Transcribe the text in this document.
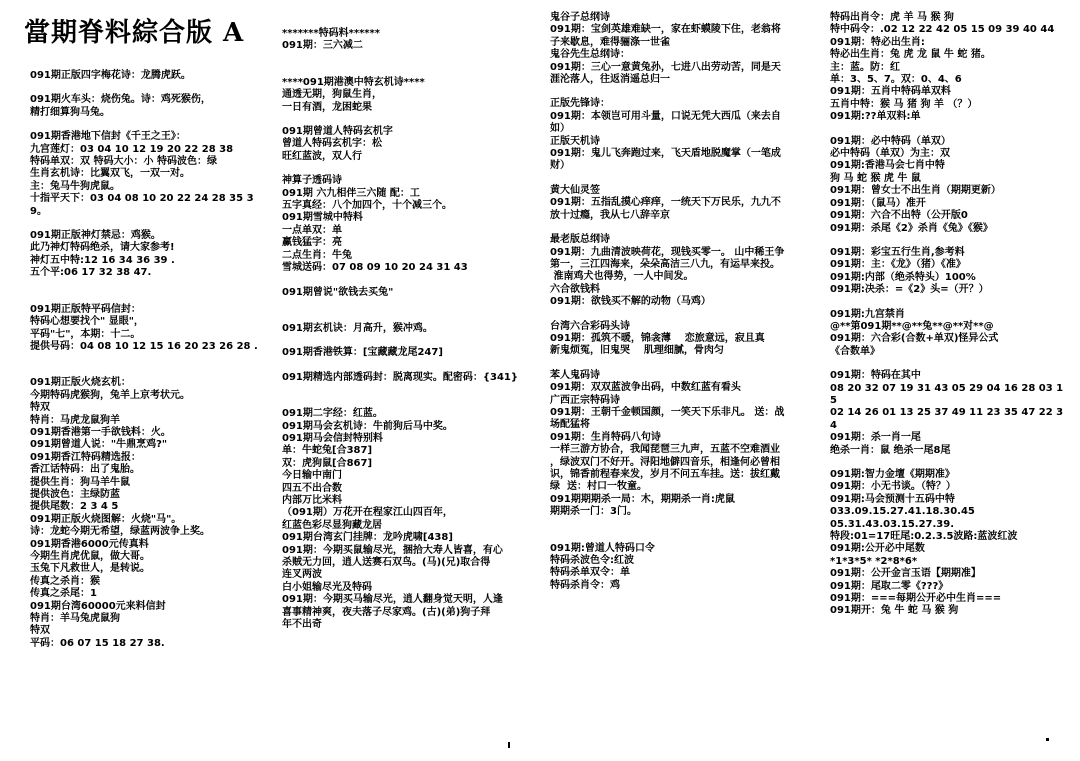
當期脊料綜合版 A
091期正版四字梅花诗：龙腾虎跃。
091期火车头：烧伤兔。诗：鸡死猴伤，
精打细算狗马兔。
091期香港地下信封《千王之王》：
九宫莲灯：03 04 10 12 19 20 22 28 38
特码单双：双 特码大小：小 特码波色：绿
生肖玄机诗：比翼双飞，一双一对。
主：兔马牛狗虎鼠。
十指平天下：03 04 08 10 20 22 24 28 35 39。
091期正版神灯禁忌：鸡猴。
此乃神灯特码绝杀，请大家参考!
神灯五中特:12 16 34 36 39 .
五个平:06 17 32 38 47.
091期正版特平码信封：
特码心想要找个" 显眼"，
平码"七"，本期：十二。
提供号码：04 08 10 12 15 16 20 23 26 28 .
091期正版火烧玄机：
今期特码虎猴狗，兔羊上京考状元。
特双
特肖：马虎龙鼠狗羊
091期香港第一手欲钱料：火。
091期曾道人说："牛鼎烹鸡?"
091期香江特码精选报：
香江话特码：出了鬼胎。
提供生肖：狗马羊牛鼠
提供波色：主绿防蓝
提供尾数：2 3 4 5
091期正版火烧图解：火烧"马"。
诗：龙蛇今期无希望，绿蓝两波争上奖。
091期香港6000元传真料
今期生肖虎优鼠，做大哥。
玉兔下凡救世人，是转说。
传真之杀肖：猴
传真之杀尾：1
091期台湾60000元来料信封
特肖：羊马兔虎鼠狗
特双
平码：06 07 15 18 27 38.
*******特码料******
091期：三六减二
****091期港澳中特玄机诗****
通透无期，狗鼠生肖，
一日有酒，龙困蛇果
091期曾道人特码玄机字
曾道人特码玄机字：松
旺红蓝波，双人行
神算子透码诗
091期 六九相伴三六随 配：工
五字真经：八个加四个，十个减三个。
091期雪城中特料
一点单双：单
赢钱猛字：亮
二点生肖：牛兔
雪城送码：07 08 09 10 20 24 31 43
091期曾说"欲钱去买兔"
091期玄机诀：月高升，猴冲鸡。
091期香港铁算：[宝藏藏龙尾247]
091期精选内部透码封：脱离现实。配密码：{341}
091期二字经：红蓝。
091期马会玄机诗：牛前狗后马中奖。
091期马会信封特别料
单：牛蛇兔[合387]
双：虎狗鼠[合867]
今日输中南门
四五不出合数
内部万比米料
（091期）万花开在程家江山四百年，
红蓝色彩尽显狗藏龙居
091期台湾玄门挂牌：龙吟虎啸[438]
091期：今期买鼠输尽光，捆拾大寿人皆喜，有心
杀贼无力回，逍人送赛石双鸟。(马)(兄)取合得
连叉两波
白小姐输尽光及特码
091期：今期买马输尽光，逍人翻身觉天明，人逢
喜事精神爽，夜夫落子尽家鸡。(古)(弟)狗子拜
年不出奇
鬼谷子总纲诗
091期：宝剑英雄难缺一，家在虾蟆陵下住，老翁将
子来歇息，难得骊涤一世雀
鬼谷先生总纲诗：
091期：三心一意黄兔孙，七进八出劳动苦，同是天
涯沦落人，往返消遥总归一
正版先锋诗：
091期：本领岂可用斗量，口说无凭大西瓜（来去自
如）
正版天机诗
091期：鬼儿飞奔跑过来，飞天盾地脱魔掌（一笔成
财）
黄大仙灵签
091期：五指乱摸心痒痒，一统天下万民乐，九九不
放十过瘾，我从七八辞辛京
最老版总纲诗
091期：九曲清波映荷花，现钱买零一。 山中稀王争
第一，三江四海来，朵朵高洁三八九，有运早来投。
淮南鸡犬也得势，一人中间发。
六合欲钱料
091期：欲钱买不解的动物（马鸡）
台湾六合彩码头诗
091期：孤筑不暖，锦衾薄    恋旅意远，寂且真
新鬼烦冤，旧鬼哭    肌理细腻，骨肉匀
苯人鬼码诗
091期：双双蓝波争出码，中数红蓝有看头
广西正宗特码诗
091期：王朝千金顿国颜，一笑天下乐非凡。 送：战
场配猛将
091期：生肖特码八句诗
一样三游方协合，我闻琵琶三九声，五蓝不空难酒业
，绿波双门不好开。浔阳地僻四音乐，相逢何必曾相
识，锦香前程春来发，岁月不问五车挂。送：拔红戴
绿  送：村口一牧童。
091期期期杀一局：木，期期杀一肖:虎鼠
期期杀一门：3门。
091期:曾道人特码口令
特码杀波色令:红波
特码杀单双令：单
特码杀肖令：鸡
特码出肖令：虎 羊 马 猴 狗
特中码令：.02 12 22 42 05 15 09 39 40 44
091期：特必出生肖:
特必出生肖：兔 虎 龙 鼠 牛 蛇 猪。
主：蓝。防：红
单：3、5、7。双：0、4、6
091期：五肖中特码单双料
五肖中特：猴 马 猪 狗 羊 （？）
091期:??单双料:单
091期：必中特码（单双）
必中特码（单双）为主：双
091期:香港马会七肖中特
狗 马 蛇 猴 虎 牛 鼠
091期：曾女士不出生肖（期期更新）
091期：（鼠马）准开
091期：六合不出特（公开版0
091期：杀尾《2》杀肖《兔》《猴》
091期：彩宝五行生肖,参考料
091期：主：《龙》（猪）《准》
091期:内部（绝杀特头）100%
091期:决杀：=《2》头=（开？）
091期:九宫禁肖
@**第091期**@**兔**@**对**@
091期：六合彩(合数+单双)怪异公式
《合数单》
091期：特码在其中
08 20 32 07 19 31 43 05 29 04 16 28 03 15
02 14 26 01 13 25 37 49 11 23 35 47 22 34
091期：杀一肖一尾
绝杀一肖：鼠 绝杀一尾8尾
091期:智力金壇《期期准》
091期：小无书谈。（特？）
091期:马会预测十五码中特
033.09.15.27.41.18.30.45
05.31.43.03.15.27.39.
特段:01=17旺尾:0.2.3.5波路:蓝波红波
091期:公开必中尾数
*1*3*5* *2*8*6*
091期：公开金言玉语【期期准】
091期：尾取二零《???》
091期：===每期公开必中生肖===
091期开：兔 牛 蛇 马 猴 狗
